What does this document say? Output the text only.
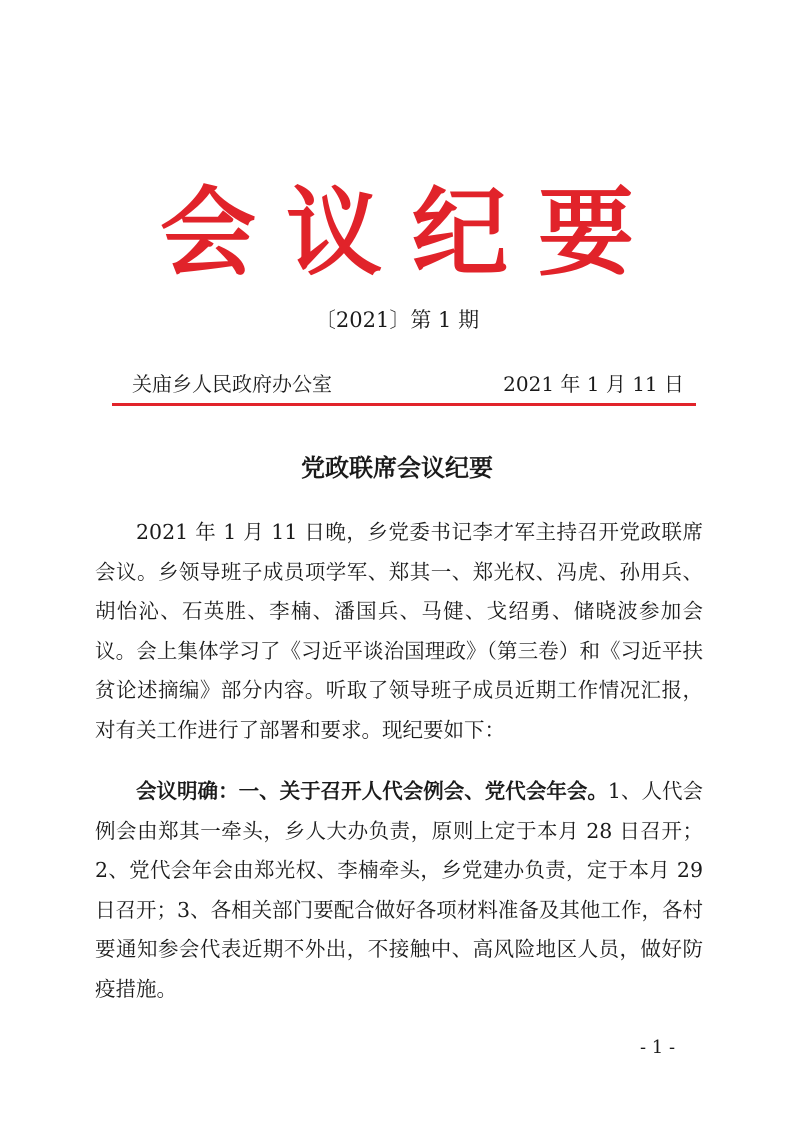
会议纪要
〔2021〕第 1 期
关庙乡人民政府办公室	2021 年 1 月 11 日
党政联席会议纪要

2021 年 1 月 11 日晚，乡党委书记李才军主持召开党政联席会议。乡领导班子成员项学军、郑其一、郑光权、冯虎、孙用兵、胡怡沁、石英胜、李楠、潘国兵、马健、戈绍勇、储晓波参加会议。会上集体学习了《习近平谈治国理政》（第三卷）和《习近平扶贫论述摘编》部分内容。听取了领导班子成员近期工作情况汇报，对有关工作进行了部署和要求。现纪要如下：

会议明确：一、关于召开人代会例会、党代会年会。1、人代会例会由郑其一牵头，乡人大办负责，原则上定于本月 28 日召开；2、党代会年会由郑光权、李楠牵头，乡党建办负责，定于本月 29 日召开；3、各相关部门要配合做好各项材料准备及其他工作，各村要通知参会代表近期不外出，不接触中、高风险地区人员，做好防疫措施。

- 1 -
